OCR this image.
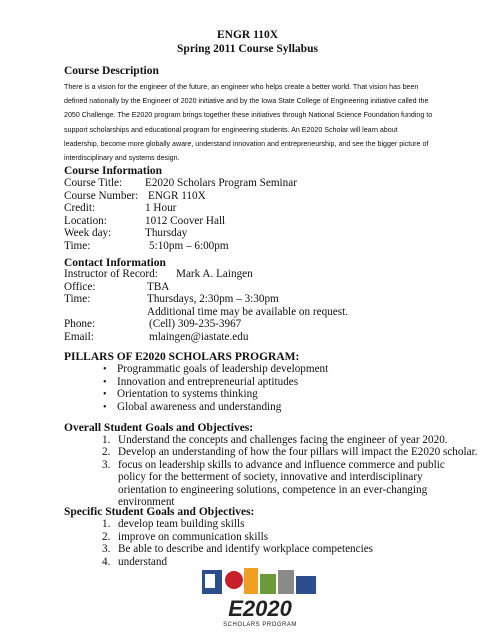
ENGR 110X
Spring 2011 Course Syllabus
Course Description
There is a vision for the engineer of the future, an engineer who helps create a better world. That vision has been defined nationally by the Engineer of 2020 initiative and by the Iowa State College of Engineering initiative called the 2050 Challenge. The E2020 program brings together these initiatives through National Science Foundation funding to support scholarships and educational program for engineering students. An E2020 Scholar will learn about leadership, become more globally aware, understand innovation and entrepreneurship, and see the bigger picture of interdisciplinary and systems design.
Course Information
Course Title: E2020 Scholars Program Seminar
Course Number: ENGR 110X
Credit:	1 Hour
Location:	1012 Coover Hall
Week day:	Thursday
Time:	5:10pm – 6:00pm
Contact Information
Instructor of Record: Mark A. Laingen
Office:	TBA
Time:	Thursdays, 2:30pm – 3:30pm
Additional time may be available on request.
Phone:	(Cell) 309-235-3967
Email:	mlaingen@iastate.edu
PILLARS OF E2020 SCHOLARS PROGRAM:
• Programmatic goals of leadership development
• Innovation and entrepreneurial aptitudes
• Orientation to systems thinking
• Global awareness and understanding
Overall Student Goals and Objectives:
1. Understand the concepts and challenges facing the engineer of year 2020.
2. Develop an understanding of how the four pillars will impact the E2020 scholar.
3. focus on leadership skills to advance and influence commerce and public policy for the betterment of society, innovative and interdisciplinary orientation to engineering solutions, competence in an ever-changing environment
Specific Student Goals and Objectives:
1. develop team building skills
2. improve on communication skills
3. Be able to describe and identify workplace competencies
4. understand
E2020
SCHOLARS PROGRAM
